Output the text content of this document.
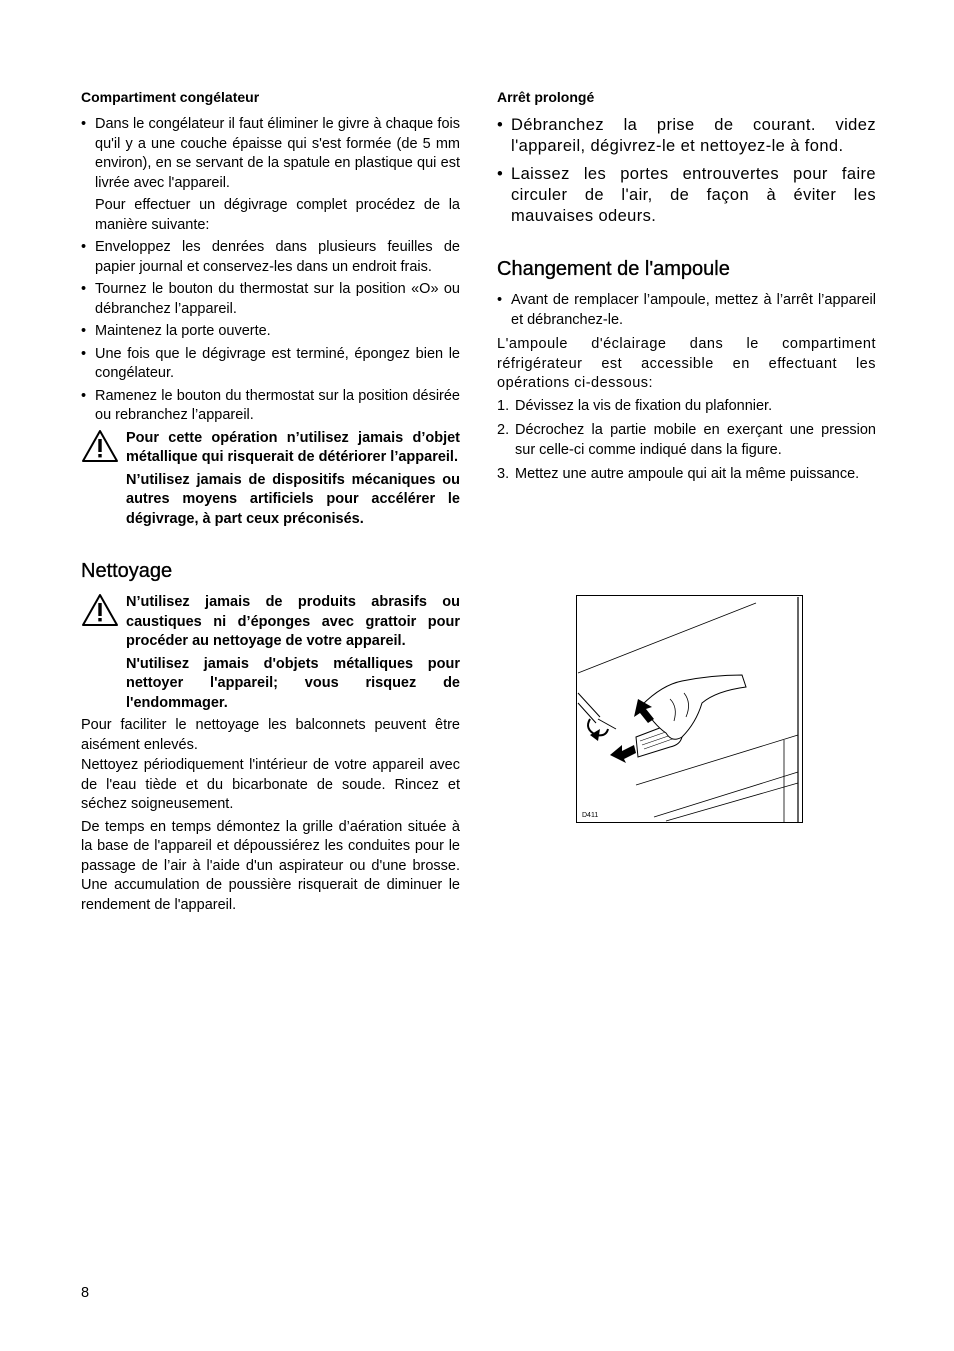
Compartiment congélateur
• Dans le congélateur il faut éliminer le givre à chaque fois qu'il y a une couche épaisse qui s'est formée (de 5 mm environ), en se servant de la spatule en plastique qui est livrée avec l'appareil.

Pour effectuer un dégivrage complet procédez de la manière suivante:

• Enveloppez les denrées dans plusieurs feuilles de papier journal et conservez-les dans un endroit frais.
• Tournez le bouton du thermostat sur la position «O» ou débranchez l’appareil.
• Maintenez la porte ouverte.
• Une fois que le dégivrage est terminé, épongez bien le congélateur.
• Ramenez le bouton du thermostat sur la position désirée ou rebranchez l’appareil.

Pour cette opération n’utilisez jamais d’objet métallique qui risquerait de détériorer l’appareil.

N’utilisez jamais de dispositifs mécaniques ou autres moyens artificiels pour accélérer le dégivrage, à part ceux préconisés.

Nettoyage

N’utilisez jamais de produits abrasifs ou caustiques ni d’éponges avec grattoir pour procéder au nettoyage de votre appareil.

N'utilisez jamais d'objets métalliques pour nettoyer l'appareil; vous risquez de l'endommager.

Pour faciliter le nettoyage les balconnets peuvent être aisément enlevés.

Nettoyez périodiquement l'intérieur de votre appareil avec de l'eau tiède et du bicarbonate de soude. Rincez et séchez soigneusement.

De temps en temps démontez la grille d’aération située à la base de l'appareil et dépoussiérez les conduites pour le passage de l’air à l'aide d'un aspirateur ou d'une brosse. Une accumulation de poussière risquerait de diminuer le rendement de l'appareil.

Arrêt prolongé
• Débranchez la prise de courant. videz l'appareil, dégivrez-le et nettoyez-le à fond.
• Laissez les portes entrouvertes pour faire circuler de l'air, de façon à éviter les mauvaises odeurs.
Changement de l'ampoule
• Avant de remplacer l’ampoule, mettez à l’arrêt l’appareil et débranchez-le.

L'ampoule d'éclairage dans le compartiment réfrigérateur est accessible en effectuant les opérations ci-dessous:

1. Dévissez la vis de fixation du plafonnier.
2. Décrochez la partie mobile en exerçant une pression sur celle-ci comme indiqué dans la figure.
3. Mettez une autre ampoule qui ait la même puissance.
D411
8
